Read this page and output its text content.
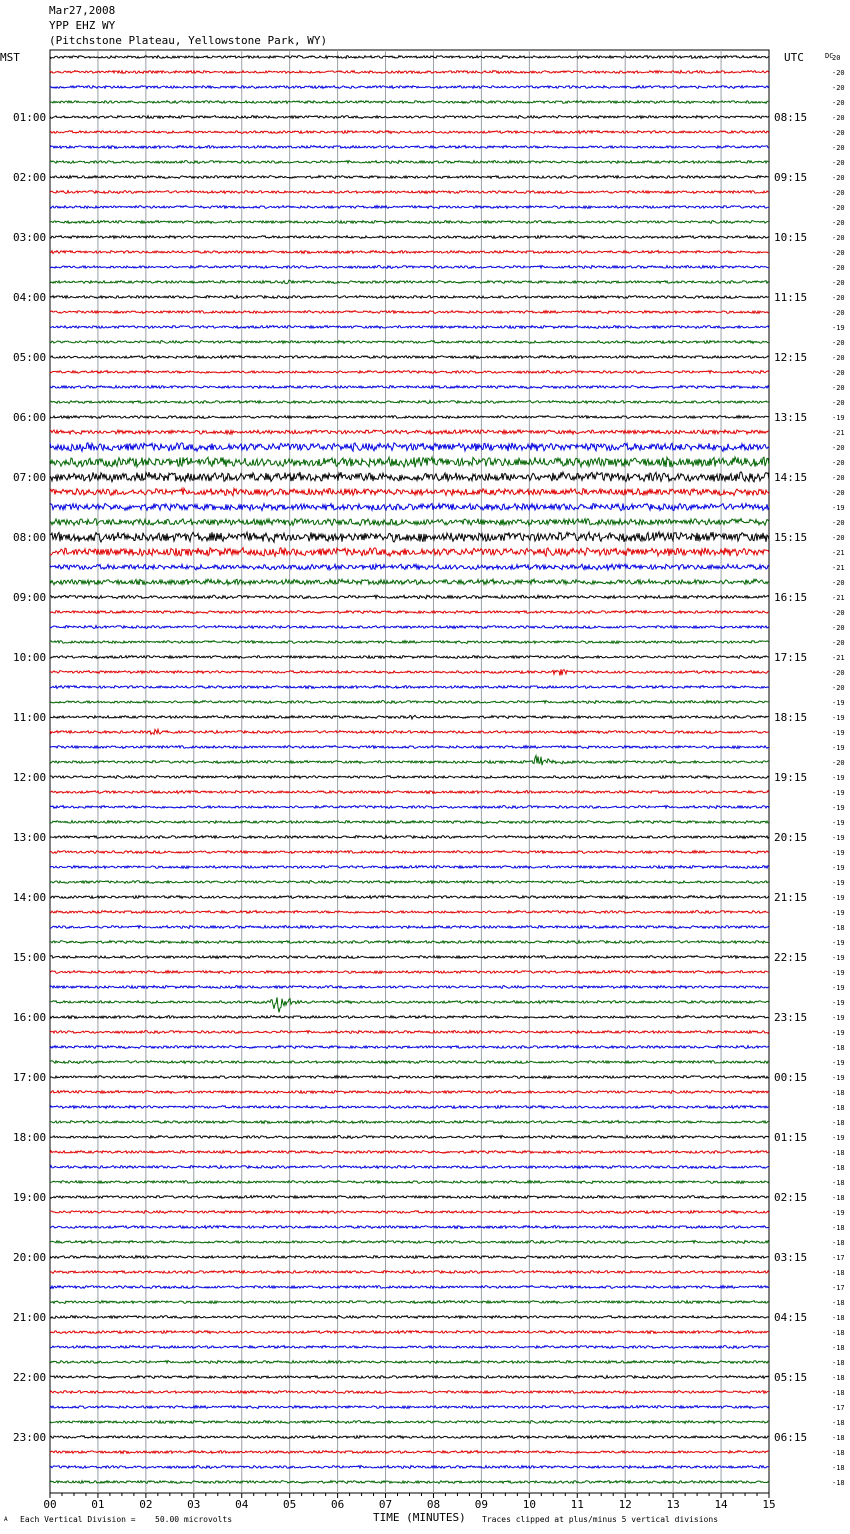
Mar27,2008
YPP EHZ WY
(Pitchstone Plateau, Yellowstone Park, WY)
00	01	02	03	04	05	06	07	08	09	10	11	12	13	14	15
MST	UTC	DC
20
-20
-20
-20
01:00	08:15	-20
-20
-20
-20
02:00	09:15	-20
-20
-20
-20
03:00	10:15	-20
-20
-20
-20
04:00	11:15	-20
-20
-19
-20
05:00	12:15	-20
-20
-20
-20
06:00	13:15	-19
-21
-20
-20
07:00	14:15	-20
-20
-19
-20
08:00	15:15	-20
-21
-21
-20
09:00	16:15	-21
-20
-20
-20
10:00	17:15	-21
-20
-20
-19
11:00	18:15	-19
-19
-19
-20
12:00	19:15	-19
-19
-19
-19
13:00	20:15	-19
-19
-19
-19
14:00	21:15	-19
-19
-18
-19
15:00	22:15	-19
-19
-19
-19
16:00	23:15	-19
-19
-18
-19
17:00	00:15	-19
-18
-18
-18
18:00	01:15	-19
-18
-18
-18
19:00	02:15	-18
-19
-18
-18
20:00	03:15	-17
-18
-17
-18
21:00	04:15	-18
-18
-18
-18
22:00	05:15	-18
-18
-17
-18
23:00	06:15	-18
-18
-18
-18
A Each Vertical Division = 50.00 microvolts	TIME (MINUTES) Traces clipped at plus/minus 5 vertical divisions
